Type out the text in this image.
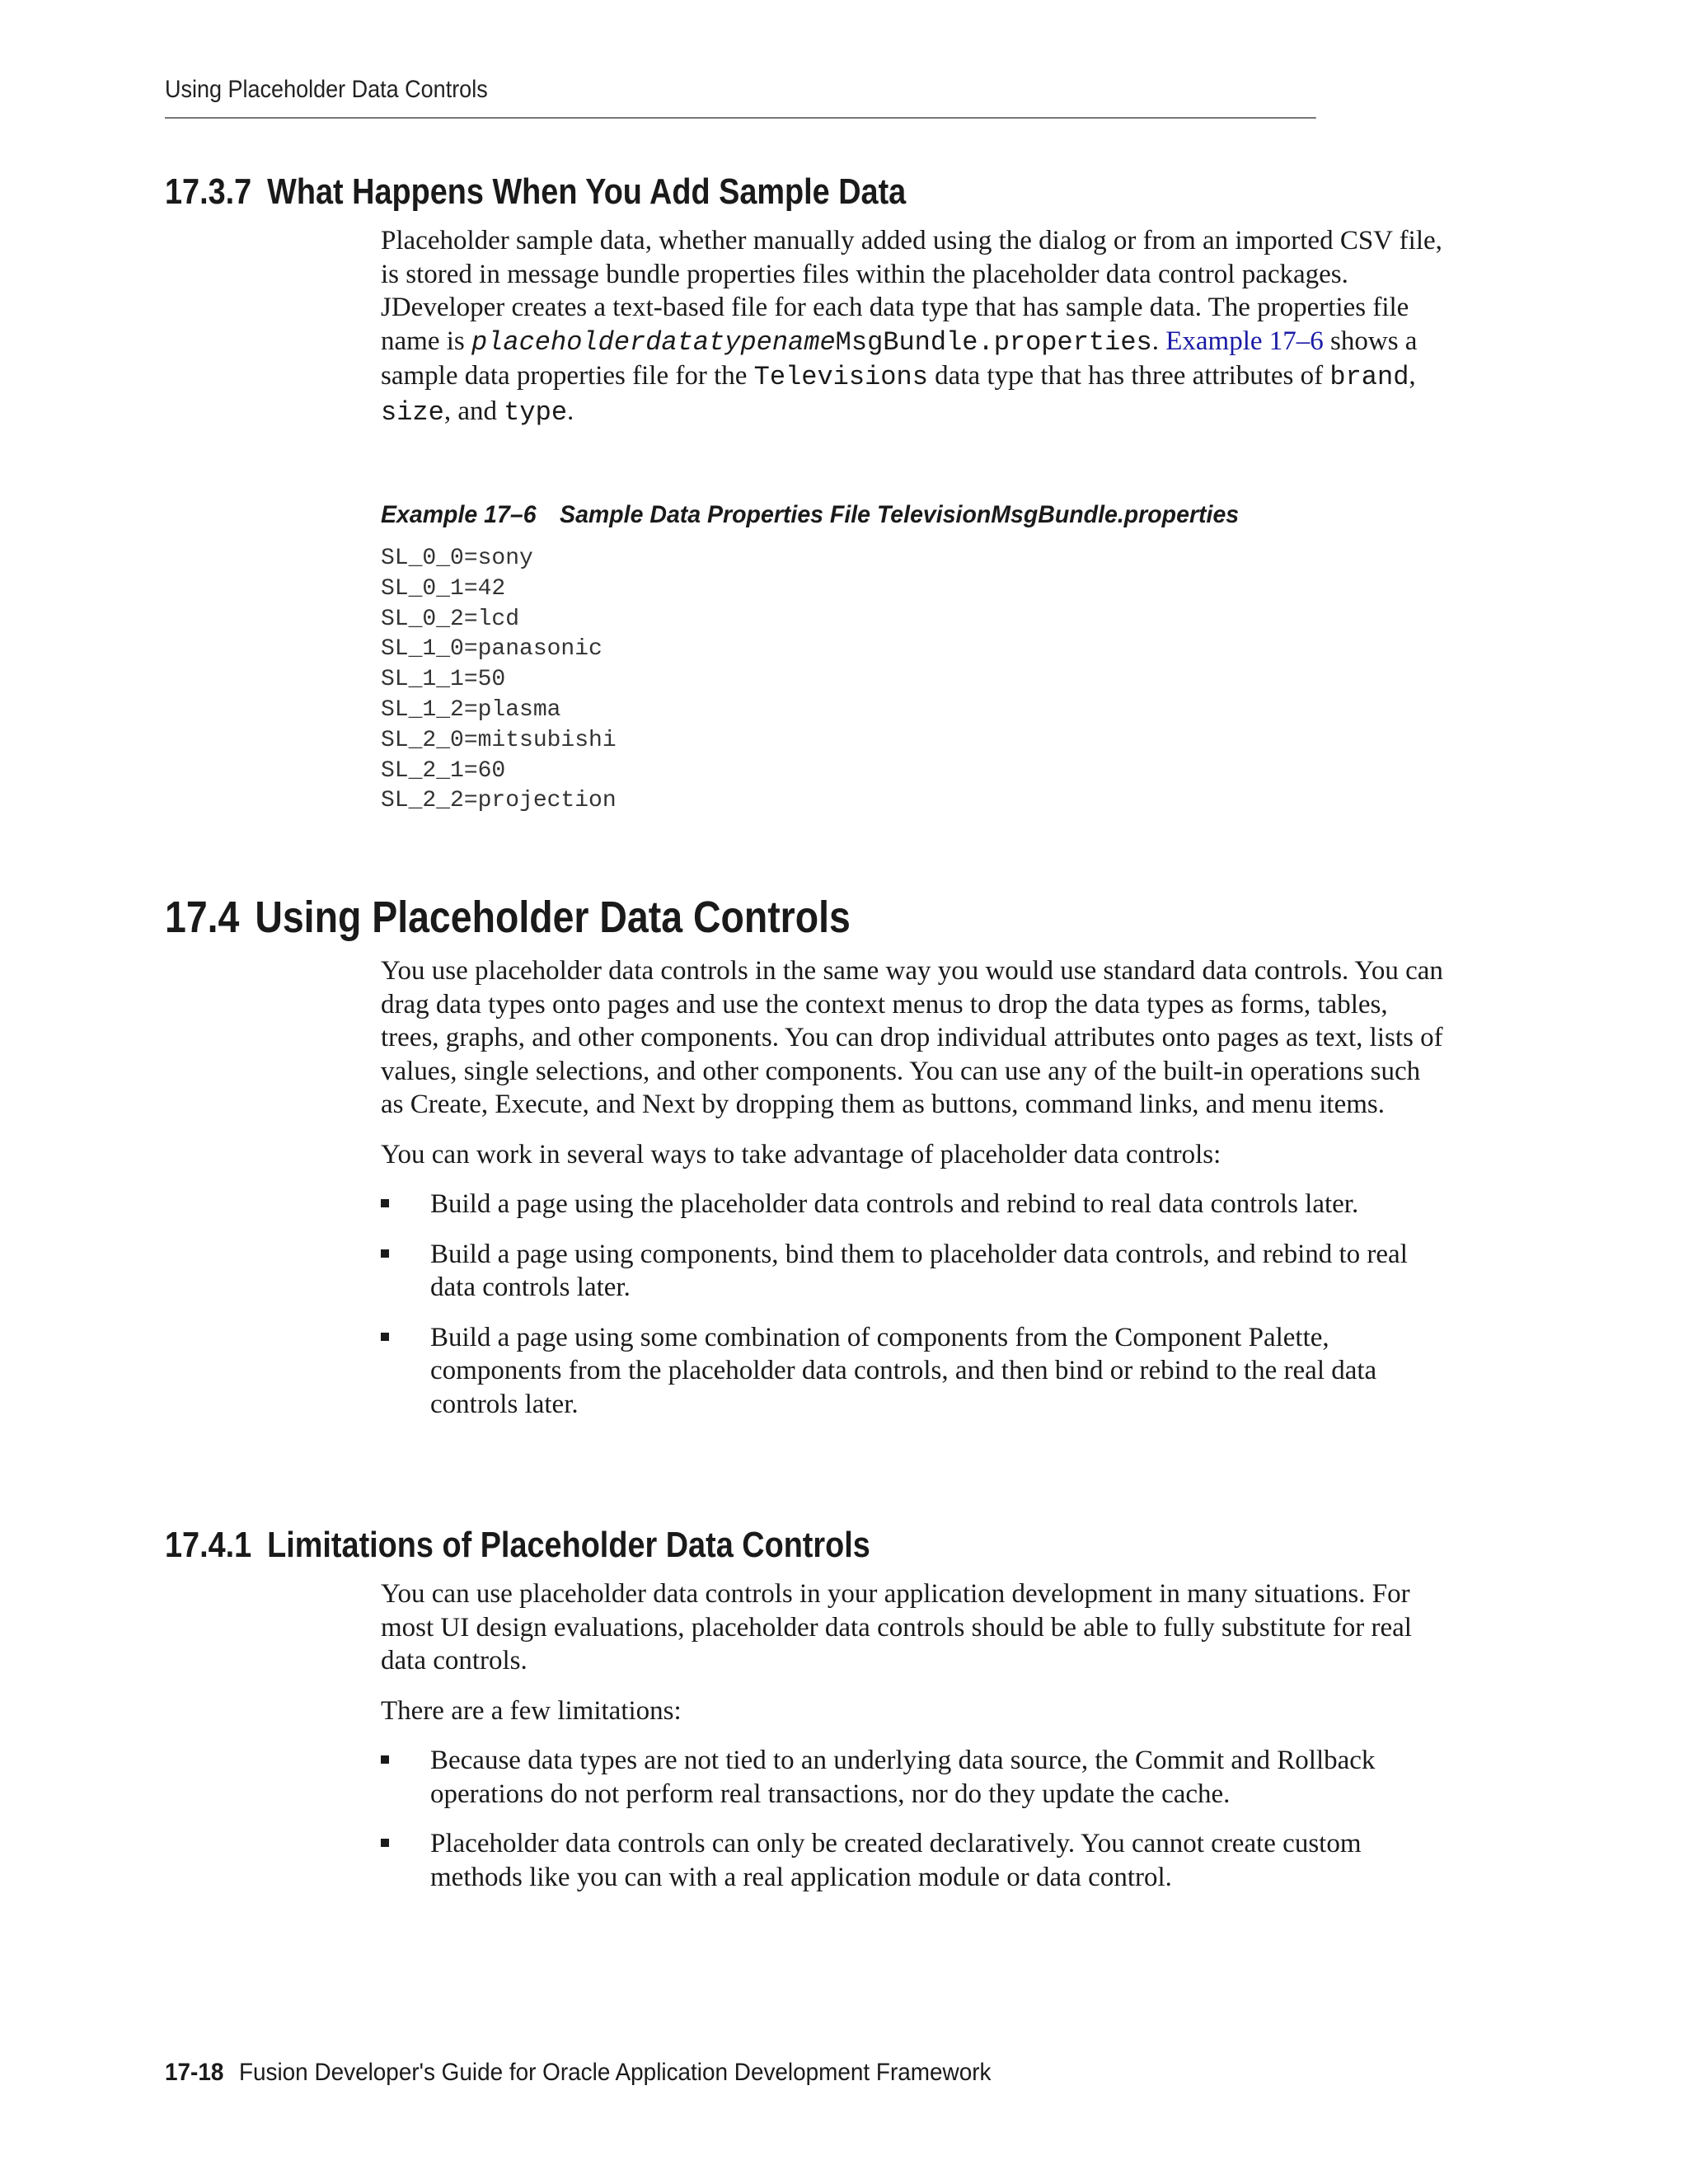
Using Placeholder Data Controls
17.3.7 What Happens When You Add Sample Data

Placeholder sample data, whether manually added using the dialog or from an imported CSV file, is stored in message bundle properties files within the placeholder data control packages. JDeveloper creates a text-based file for each data type that has sample data. The properties file name is placeholderdatatypenameMsgBundle.properties. Example 17–6 shows a sample data properties file for the Televisions data type that has three attributes of brand, size, and type.

Example 17–6 Sample Data Properties File TelevisionMsgBundle.properties
SL_0_0=sony
SL_0_1=42
SL_0_2=lcd
SL_1_0=panasonic
SL_1_1=50
SL_1_2=plasma
SL_2_0=mitsubishi
SL_2_1=60
SL_2_2=projection
17.4 Using Placeholder Data Controls

You use placeholder data controls in the same way you would use standard data controls. You can drag data types onto pages and use the context menus to drop the data types as forms, tables, trees, graphs, and other components. You can drop individual attributes onto pages as text, lists of values, single selections, and other components. You can use any of the built-in operations such as Create, Execute, and Next by dropping them as buttons, command links, and menu items.

You can work in several ways to take advantage of placeholder data controls:

Build a page using the placeholder data controls and rebind to real data controls later.
Build a page using components, bind them to placeholder data controls, and rebind to real data controls later.
Build a page using some combination of components from the Component Palette, components from the placeholder data controls, and then bind or rebind to the real data controls later.
17.4.1 Limitations of Placeholder Data Controls

You can use placeholder data controls in your application development in many situations. For most UI design evaluations, placeholder data controls should be able to fully substitute for real data controls.

There are a few limitations:

Because data types are not tied to an underlying data source, the Commit and Rollback operations do not perform real transactions, nor do they update the cache.
Placeholder data controls can only be created declaratively. You cannot create custom methods like you can with a real application module or data control.
17-18 Fusion Developer's Guide for Oracle Application Development Framework
